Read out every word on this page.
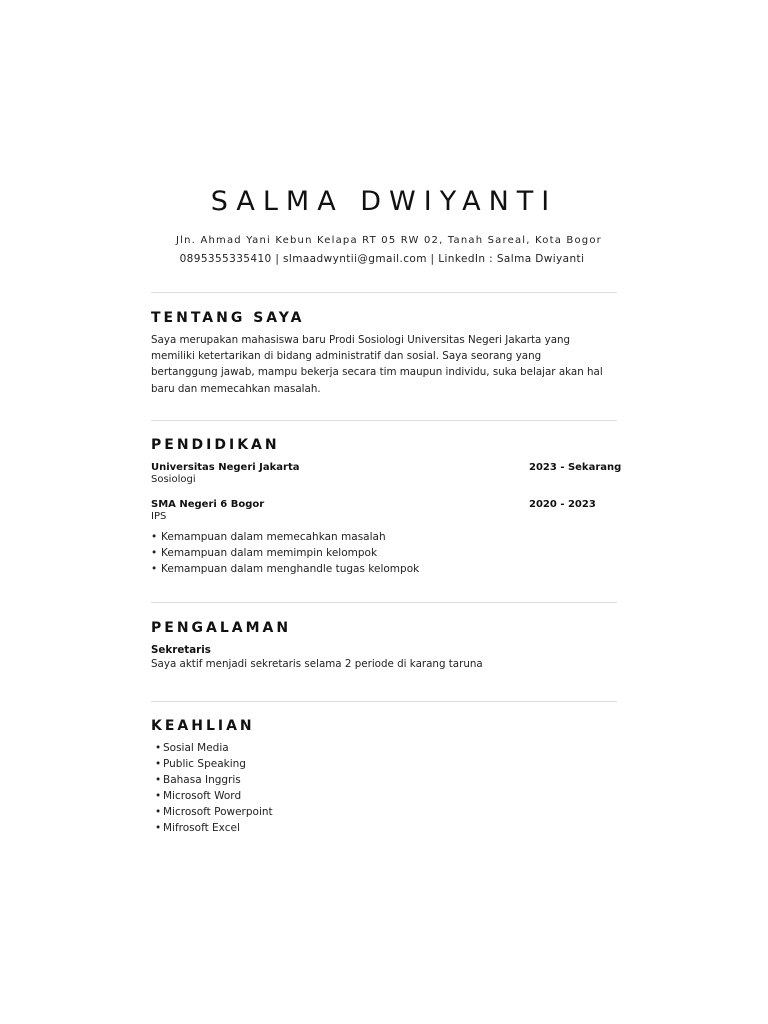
SALMA DWIYANTI
Jln. Ahmad Yani Kebun Kelapa RT 05 RW 02, Tanah Sareal, Kota Bogor
0895355335410 | slmaadwyntii@gmail.com | LinkedIn : Salma Dwiyanti
TENTANG SAYA
Saya merupakan mahasiswa baru Prodi Sosiologi Universitas Negeri Jakarta yang
memiliki ketertarikan di bidang administratif dan sosial. Saya seorang yang
bertanggung jawab, mampu bekerja secara tim maupun individu, suka belajar akan hal
baru dan memecahkan masalah.
PENDIDIKAN
Universitas Negeri Jakarta	2023 - Sekarang
Sosiologi
SMA Negeri 6 Bogor	2020 - 2023
IPS
• Kemampuan dalam memecahkan masalah
• Kemampuan dalam memimpin kelompok
• Kemampuan dalam menghandle tugas kelompok
PENGALAMAN
Sekretaris
Saya aktif menjadi sekretaris selama 2 periode di karang taruna
KEAHLIAN
• Sosial Media
• Public Speaking
• Bahasa Inggris
• Microsoft Word
• Microsoft Powerpoint
• Mifrosoft Excel
